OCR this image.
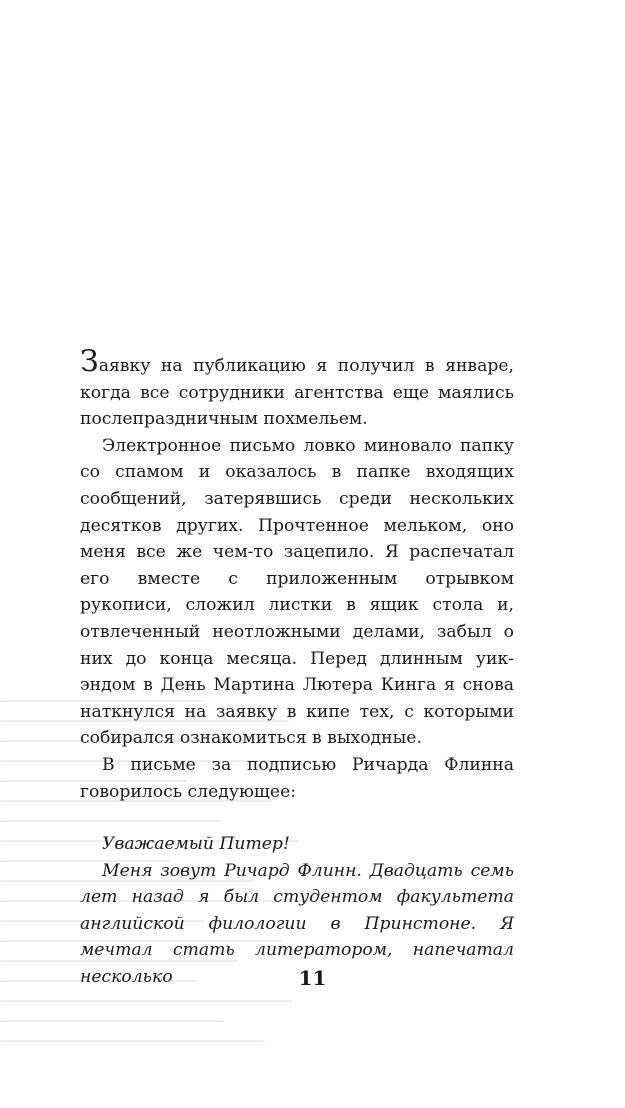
Заявку на публикацию я получил в январе, когда все сотрудники агентства еще маялись послепраздничным похмельем.

Электронное письмо ловко миновало папку со спамом и оказалось в папке входящих сообщений, затерявшись среди нескольких десятков других. Прочтенное мельком, оно меня все же чем-то зацепило. Я распечатал его вместе с приложенным отрывком рукописи, сложил листки в ящик стола и, отвлеченный неотложными делами, забыл о них до конца месяца. Перед длинным уик-эндом в День Мартина Лютера Кинга я снова наткнулся на заявку в кипе тех, с которыми собирался ознакомиться в выходные.

В письме за подписью Ричарда Флинна говорилось следующее:

Уважаемый Питер!

Меня зовут Ричард Флинн. Двадцать семь лет назад я был студентом факультета английской филологии в Принстоне. Я мечтал стать литератором, напечатал несколько	11
